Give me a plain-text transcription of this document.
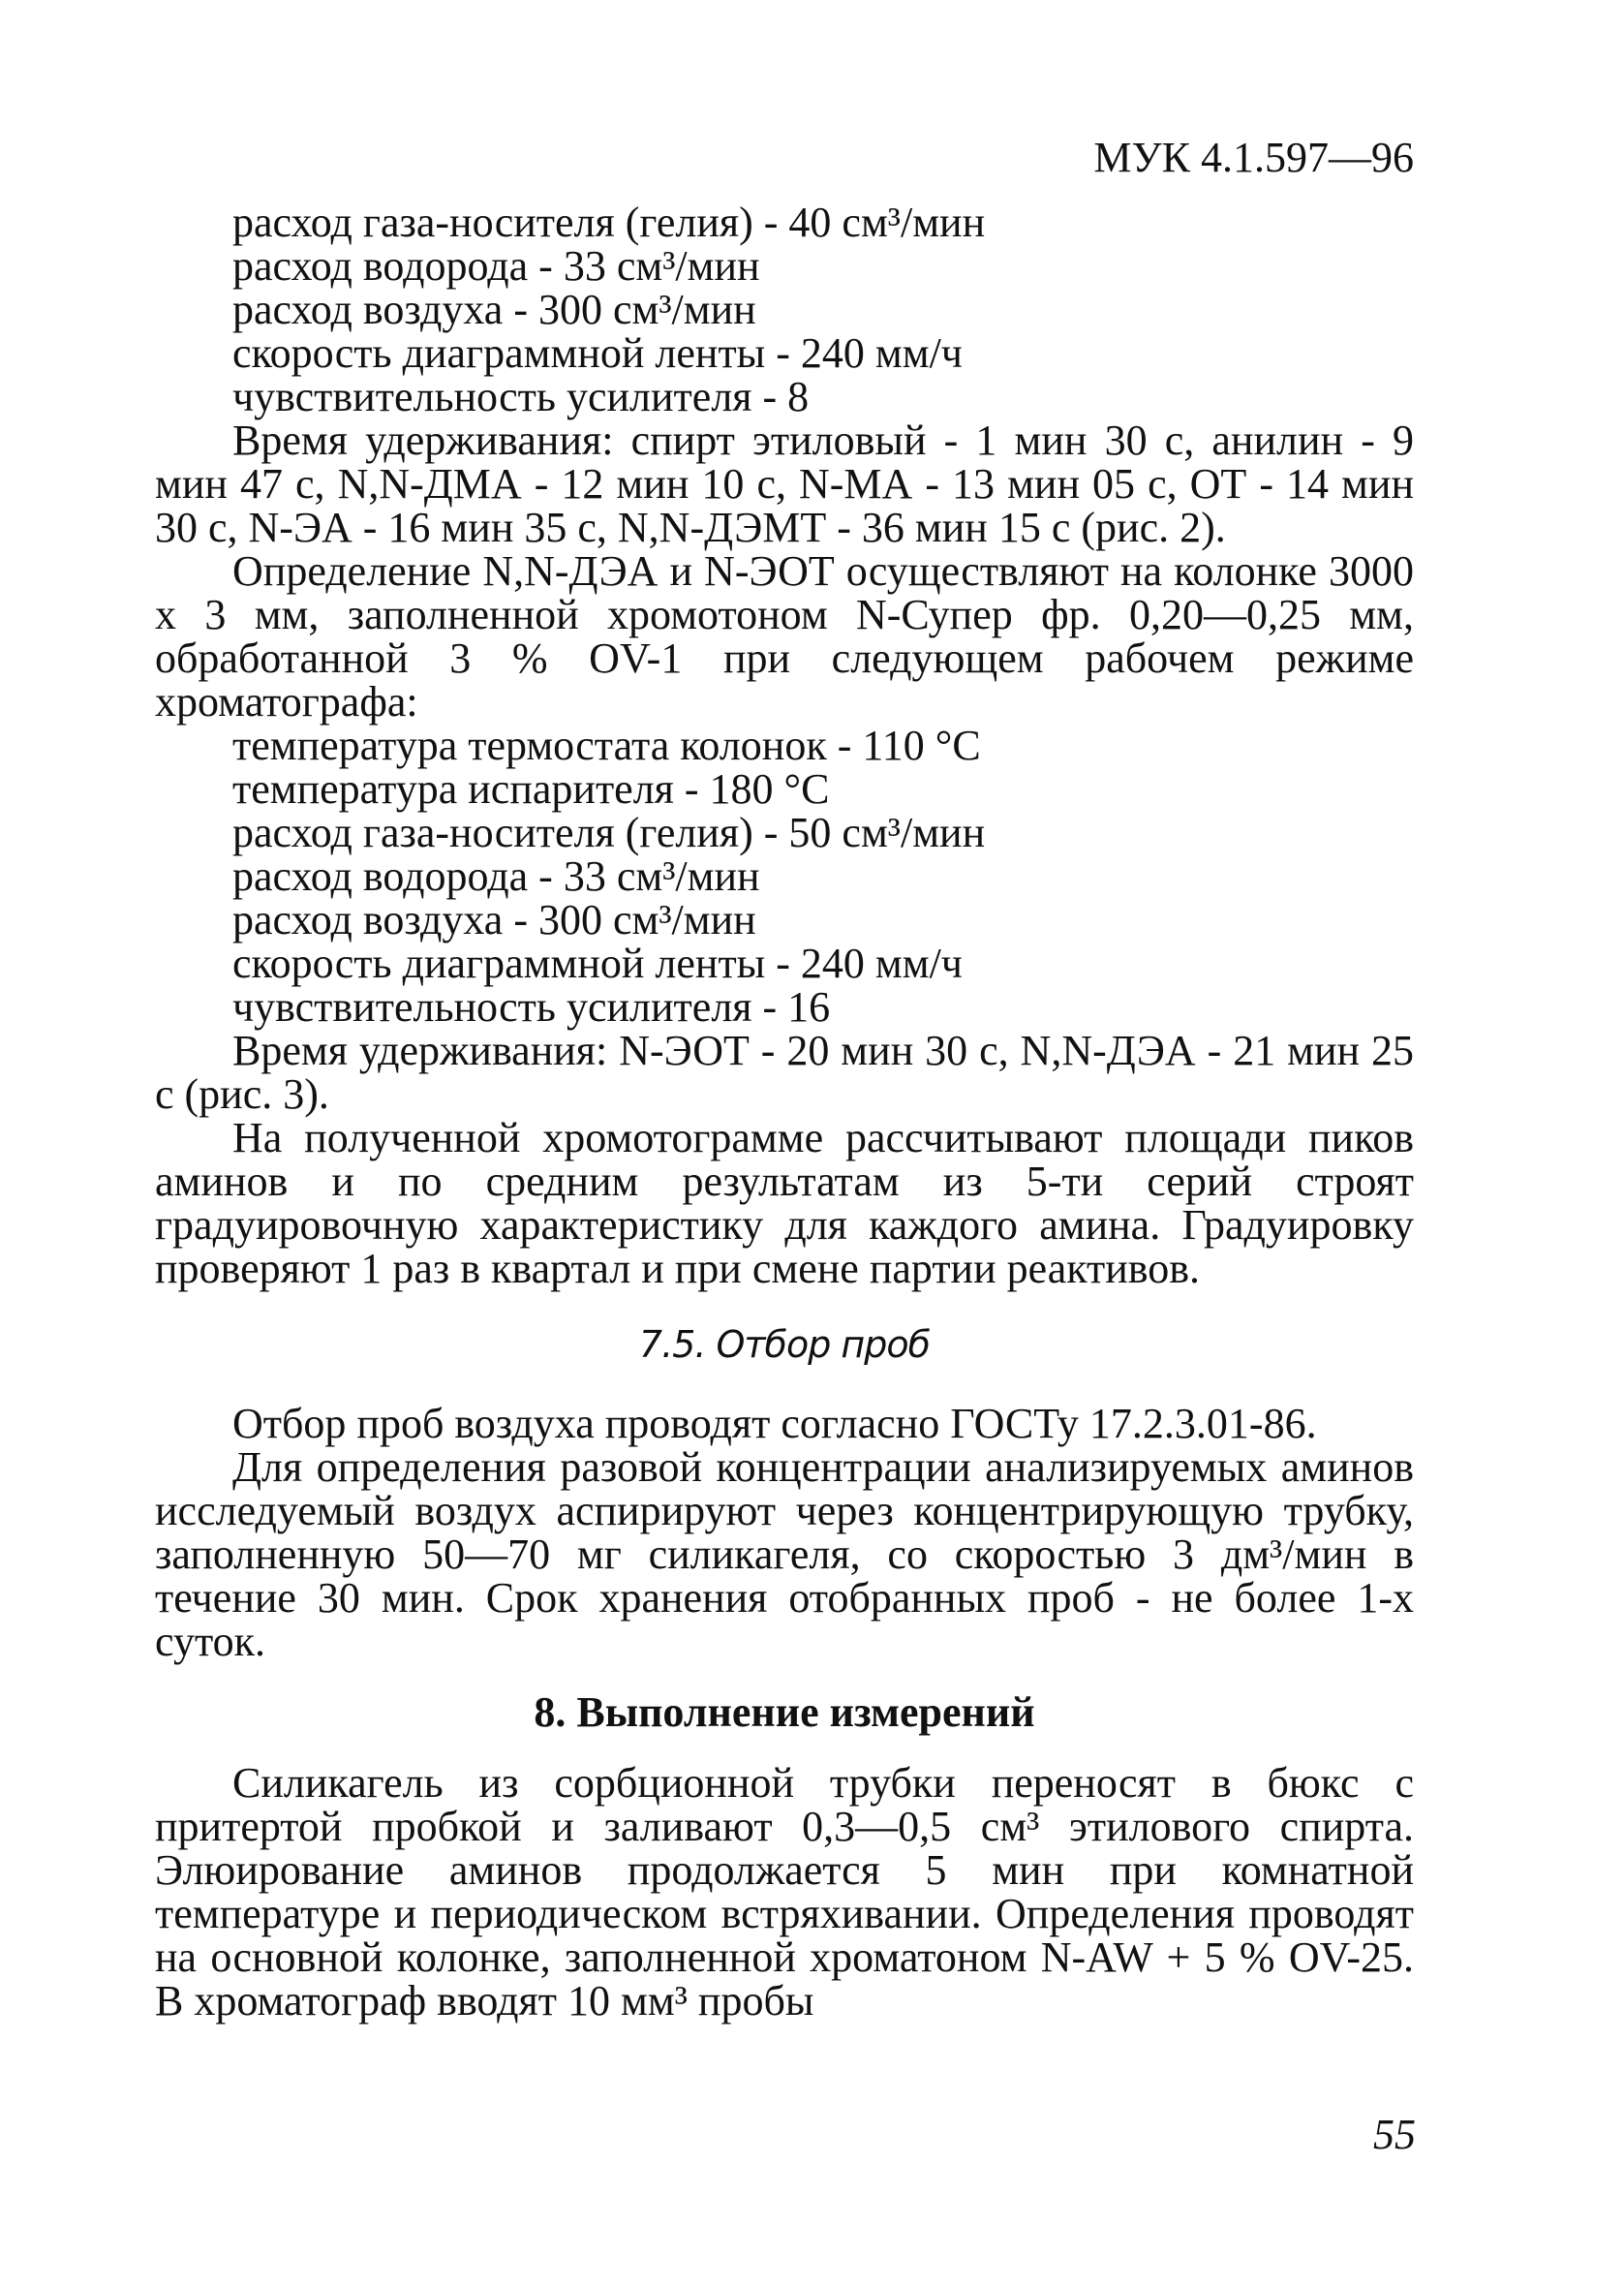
МУК 4.1.597—96
расход газа-носителя (гелия) - 40 см³/мин
расход водорода - 33 см³/мин
расход воздуха - 300 см³/мин
скорость диаграммной ленты - 240 мм/ч
чувствительность усилителя - 8

Время удерживания: спирт этиловый - 1 мин 30 с, анилин - 9 мин 47 с, N,N-ДМА - 12 мин 10 с, N-МА - 13 мин 05 с, ОТ - 14 мин 30 с, N-ЭА - 16 мин 35 с, N,N-ДЭМТ - 36 мин 15 с (рис. 2).

Определение N,N-ДЭА и N-ЭОТ осуществляют на колонке 3000 х 3 мм, заполненной хромотоном N-Супер фр. 0,20—0,25 мм, обработанной 3 % OV-1 при следующем рабочем режиме хроматографа:

температура термостата колонок - 110 °С
температура испарителя - 180 °С
расход газа-носителя (гелия) - 50 см³/мин
расход водорода - 33 см³/мин
расход воздуха - 300 см³/мин
скорость диаграммной ленты - 240 мм/ч
чувствительность усилителя - 16

Время удерживания: N-ЭОТ - 20 мин 30 с, N,N-ДЭА - 21 мин 25 с (рис. 3).

На полученной хромотограмме рассчитывают площади пиков аминов и по средним результатам из 5-ти серий строят градуировочную характеристику для каждого амина. Градуировку проверяют 1 раз в квартал и при смене партии реактивов.

7.5. Отбор проб

Отбор проб воздуха проводят согласно ГОСТу 17.2.3.01-86.

Для определения разовой концентрации анализируемых аминов исследуемый воздух аспирируют через концентрирующую трубку, заполненную 50—70 мг силикагеля, со скоростью 3 дм³/мин в течение 30 мин. Срок хранения отобранных проб - не более 1-х суток.

8. Выполнение измерений

Силикагель из сорбционной трубки переносят в бюкс с притертой пробкой и заливают 0,3—0,5 см³ этилового спирта. Элюирование аминов продолжается 5 мин при комнатной температуре и периодическом встряхивании. Определения проводят на основной колонке, заполненной хроматоном N-AW + 5 % OV-25. В хроматограф вводят 10 мм³ пробы

55
